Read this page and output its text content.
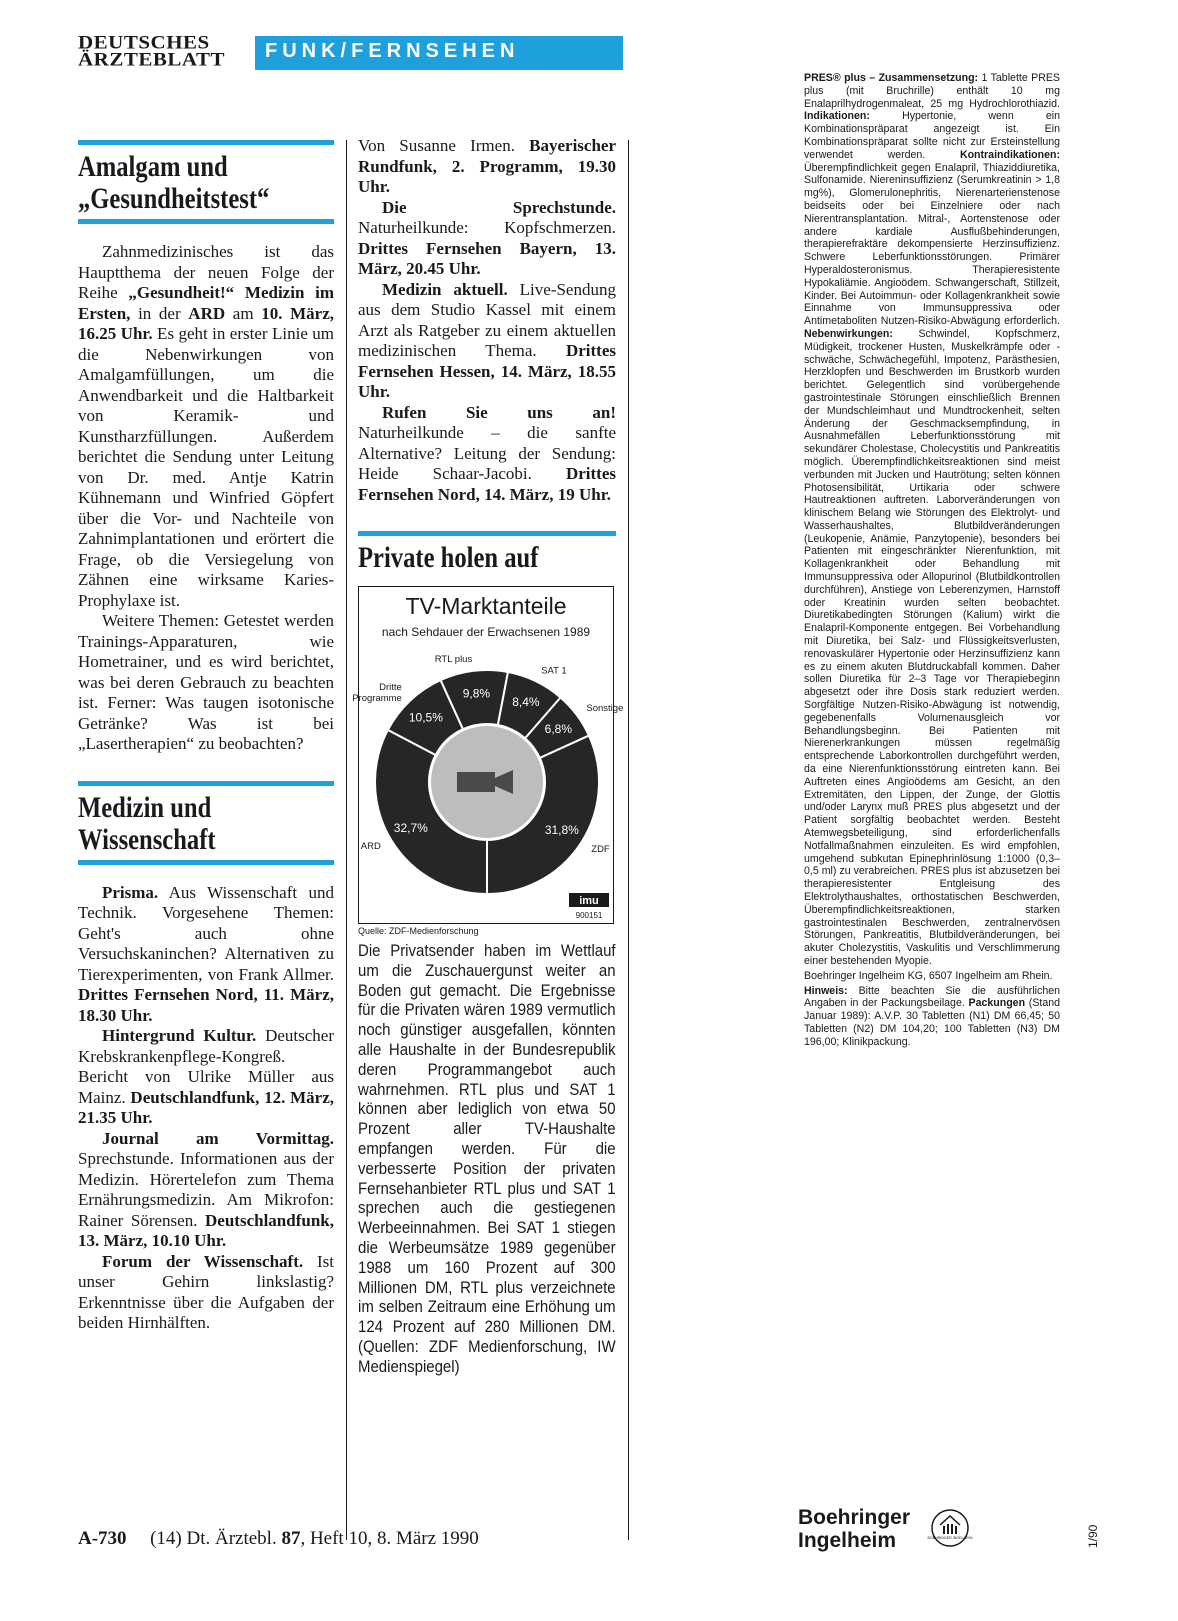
DEUTSCHES
ÄRZTEBLATT FUNK/FERNSEHEN
Amalgam und
„Gesundheitstest“

Zahnmedizinisches ist das Hauptthema der neuen Folge der Reihe „Gesundheit!“ Medizin im Ersten, in der ARD am 10. März, 16.25 Uhr. Es geht in erster Linie um die Nebenwirkungen von Amalgamfüllungen, um die Anwendbarkeit und die Haltbarkeit von Keramik- und Kunstharzfüllungen. Außerdem berichtet die Sendung unter Leitung von Dr. med. Antje Katrin Kühnemann und Winfried Göpfert über die Vor- und Nachteile von Zahnimplantationen und erörtert die Frage, ob die Versiegelung von Zähnen eine wirksame Karies-Prophylaxe ist.

Weitere Themen: Getestet werden Trainings-Apparaturen, wie Hometrainer, und es wird berichtet, was bei deren Gebrauch zu beachten ist. Ferner: Was taugen isotonische Getränke? Was ist bei „Lasertherapien“ zu beobachten?

Medizin und
Wissenschaft

Prisma. Aus Wissenschaft und Technik. Vorgesehene Themen: Geht's auch ohne Versuchskaninchen? Alternativen zu Tierexperimenten, von Frank Allmer. Drittes Fernsehen Nord, 11. März, 18.30 Uhr.

Hintergrund Kultur. Deutscher Krebskrankenpflege-Kongreß. Bericht von Ulrike Müller aus Mainz. Deutschlandfunk, 12. März, 21.35 Uhr.

Journal am Vormittag. Sprechstunde. Informationen aus der Medizin. Hörertelefon zum Thema Ernährungsmedizin. Am Mikrofon: Rainer Sörensen. Deutschlandfunk, 13. März, 10.10 Uhr.

Forum der Wissenschaft. Ist unser Gehirn linkslastig? Erkenntnisse über die Aufgaben der beiden Hirnhälften.

Von Susanne Irmen. Bayerischer Rundfunk, 2. Programm, 19.30 Uhr.

Die Sprechstunde. Naturheilkunde: Kopfschmerzen. Drittes Fernsehen Bayern, 13. März, 20.45 Uhr.

Medizin aktuell. Live-Sendung aus dem Studio Kassel mit einem Arzt als Ratgeber zu einem aktuellen medizinischen Thema. Drittes Fernsehen Hessen, 14. März, 18.55 Uhr.

Rufen Sie uns an! Naturheilkunde – die sanfte Alternative? Leitung der Sendung: Heide Schaar-Jacobi. Drittes Fernsehen Nord, 14. März, 19 Uhr.

Private holen auf
TV-Marktanteile
nach Sehdauer der Erwachsenen 1989
32,7%
ARD
10,5%
Dritte
Programme	9,8%
RTL plus
8,4%
SAT 1
6,8%
Sonstige
31,8%
ZDF
imu
900151
Quelle: ZDF-Medienforschung

Die Privatsender haben im Wettlauf um die Zuschauergunst weiter an Boden gut gemacht. Die Ergebnisse für die Privaten wären 1989 vermutlich noch günstiger ausgefallen, könnten alle Haushalte in der Bundesrepublik deren Programmangebot auch wahrnehmen. RTL plus und SAT 1 können aber lediglich von etwa 50 Prozent aller TV-Haushalte empfangen werden. Für die verbesserte Position der privaten Fernsehanbieter RTL plus und SAT 1 sprechen auch die gestiegenen Werbeeinnahmen. Bei SAT 1 stiegen die Werbeumsätze 1989 gegenüber 1988 um 160 Prozent auf 300 Millionen DM, RTL plus verzeichnete im selben Zeitraum eine Erhöhung um 124 Prozent auf 280 Millionen DM. (Quellen: ZDF Medienforschung, IW Medienspiegel)

PRES® plus – Zusammensetzung: 1 Tablette PRES plus (mit Bruchrille) enthält 10 mg Enalaprilhydrogenmaleat, 25 mg Hydrochlorothiazid. Indikationen: Hypertonie, wenn ein Kombinationspräparat angezeigt ist. Ein Kombinationspräparat sollte nicht zur Ersteinstellung verwendet werden. Kontraindikationen: Überempfindlichkeit gegen Enalapril, Thiaziddiuretika, Sulfonamide. Niereninsuffizienz (Serumkreatinin > 1,8 mg%), Glomerulonephritis, Nierenarterienstenose beidseits oder bei Einzelniere oder nach Nierentransplantation. Mitral-, Aortenstenose oder andere kardiale Ausflußbehinderungen, therapierefraktäre dekompensierte Herzinsuffizienz. Schwere Leberfunktionsstörungen. Primärer Hyperaldosteronismus. Therapieresistente Hypokaliämie. Angioödem. Schwangerschaft, Stillzeit, Kinder. Bei Autoimmun- oder Kollagenkrankheit sowie Einnahme von Immunsuppressiva oder Antimetaboliten Nutzen-Risiko-Abwägung erforderlich. Nebenwirkungen: Schwindel, Kopfschmerz, Müdigkeit, trockener Husten, Muskelkrämpfe oder -schwäche, Schwächegefühl, Impotenz, Parästhesien, Herzklopfen und Beschwerden im Brustkorb wurden berichtet. Gelegentlich sind vorübergehende gastrointestinale Störungen einschließlich Brennen der Mundschleimhaut und Mundtrockenheit, selten Änderung der Geschmacksempfindung, in Ausnahmefällen Leberfunktionsstörung mit sekundärer Cholestase, Cholecystitis und Pankreatitis möglich. Überempfindlichkeitsreaktionen sind meist verbunden mit Jucken und Hautrötung; selten können Photosensibilität, Urtikaria oder schwere Hautreaktionen auftreten. Laborveränderungen von klinischem Belang wie Störungen des Elektrolyt- und Wasserhaushaltes, Blutbildveränderungen (Leukopenie, Anämie, Panzytopenie), besonders bei Patienten mit eingeschränkter Nierenfunktion, mit Kollagenkrankheit oder Behandlung mit Immunsuppressiva oder Allopurinol (Blutbildkontrollen durchführen), Anstiege von Leberenzymen, Harnstoff oder Kreatinin wurden selten beobachtet. Diuretikabedingten Störungen (Kalium) wirkt die Enalapril-Komponente entgegen. Bei Vorbehandlung mit Diuretika, bei Salz- und Flüssigkeitsverlusten, renovaskulärer Hypertonie oder Herzinsuffizienz kann es zu einem akuten Blutdruckabfall kommen. Daher sollen Diuretika für 2–3 Tage vor Therapiebeginn abgesetzt oder ihre Dosis stark reduziert werden. Sorgfältige Nutzen-Risiko-Abwägung ist notwendig, gegebenenfalls Volumenausgleich vor Behandlungsbeginn. Bei Patienten mit Nierenerkrankungen müssen regelmäßig entsprechende Laborkontrollen durchgeführt werden, da eine Nierenfunktionsstörung eintreten kann. Bei Auftreten eines Angioödems am Gesicht, an den Extremitäten, den Lippen, der Zunge, der Glottis und/oder Larynx muß PRES plus abgesetzt und der Patient sorgfältig beobachtet werden. Besteht Atemwegsbeteiligung, sind erforderlichenfalls Notfallmaßnahmen einzuleiten. Es wird empfohlen, umgehend subkutan Epinephrinlösung 1:1000 (0,3–0,5 ml) zu verabreichen. PRES plus ist abzusetzen bei therapieresistenter Entgleisung des Elektrolythaushaltes, orthostatischen Beschwerden, Überempfindlichkeitsreaktionen, starken gastrointestinalen Beschwerden, zentralnervösen Störungen, Pankreatitis, Blutbildveränderungen, bei akuter Cholezystitis, Vaskulitis und Verschlimmerung einer bestehenden Myopie.

Boehringer Ingelheim KG, 6507 Ingelheim am Rhein.

Hinweis: Bitte beachten Sie die ausführlichen Angaben in der Packungsbeilage. Packungen (Stand Januar 1989): A.V.P. 30 Tabletten (N1) DM 66,45; 50 Tabletten (N2) DM 104,20; 100 Tabletten (N3) DM 196,00; Klinikpackung.

A-730 (14) Dt. Ärztebl. 87, Heft 10, 8. März 1990
Boehringer
Ingelheim	BOEHRINGER INGELHEIM	1/90
